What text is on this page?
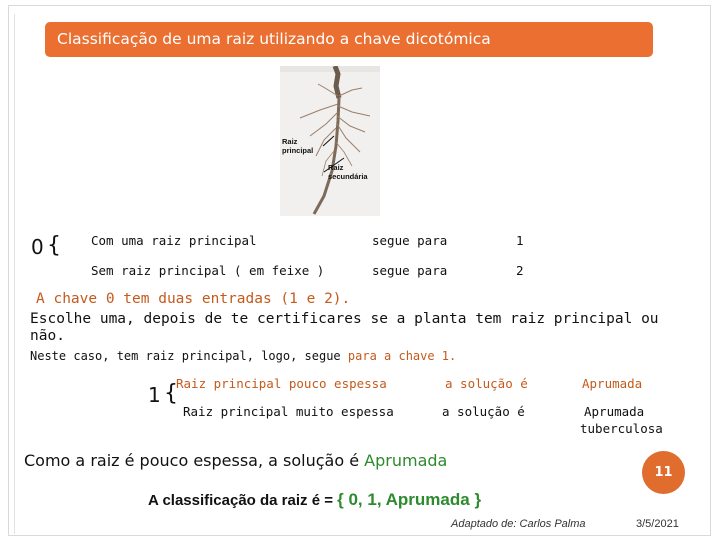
Classificação de uma raiz utilizando a chave dicotómica
Raiz principal
Raiz secundária
0 { Com uma raiz principal	segue para	1
Sem raiz principal ( em feixe )	segue para	2
A chave 0 tem duas entradas (1 e 2).
Escolhe uma, depois de te certificares se a planta tem raiz principal ou
não.
Neste caso, tem raiz principal, logo, segue para a chave 1.
1 {
Raiz principal pouco espessa	a solução é	Aprumada
Raiz principal muito espessa	a solução é	Aprumada
tuberculosa
Como a raiz é pouco espessa, a solução é Aprumada
A classificação da raiz é = { 0, 1, Aprumada }
Adaptado de: Carlos Palma	3/5/2021
11
